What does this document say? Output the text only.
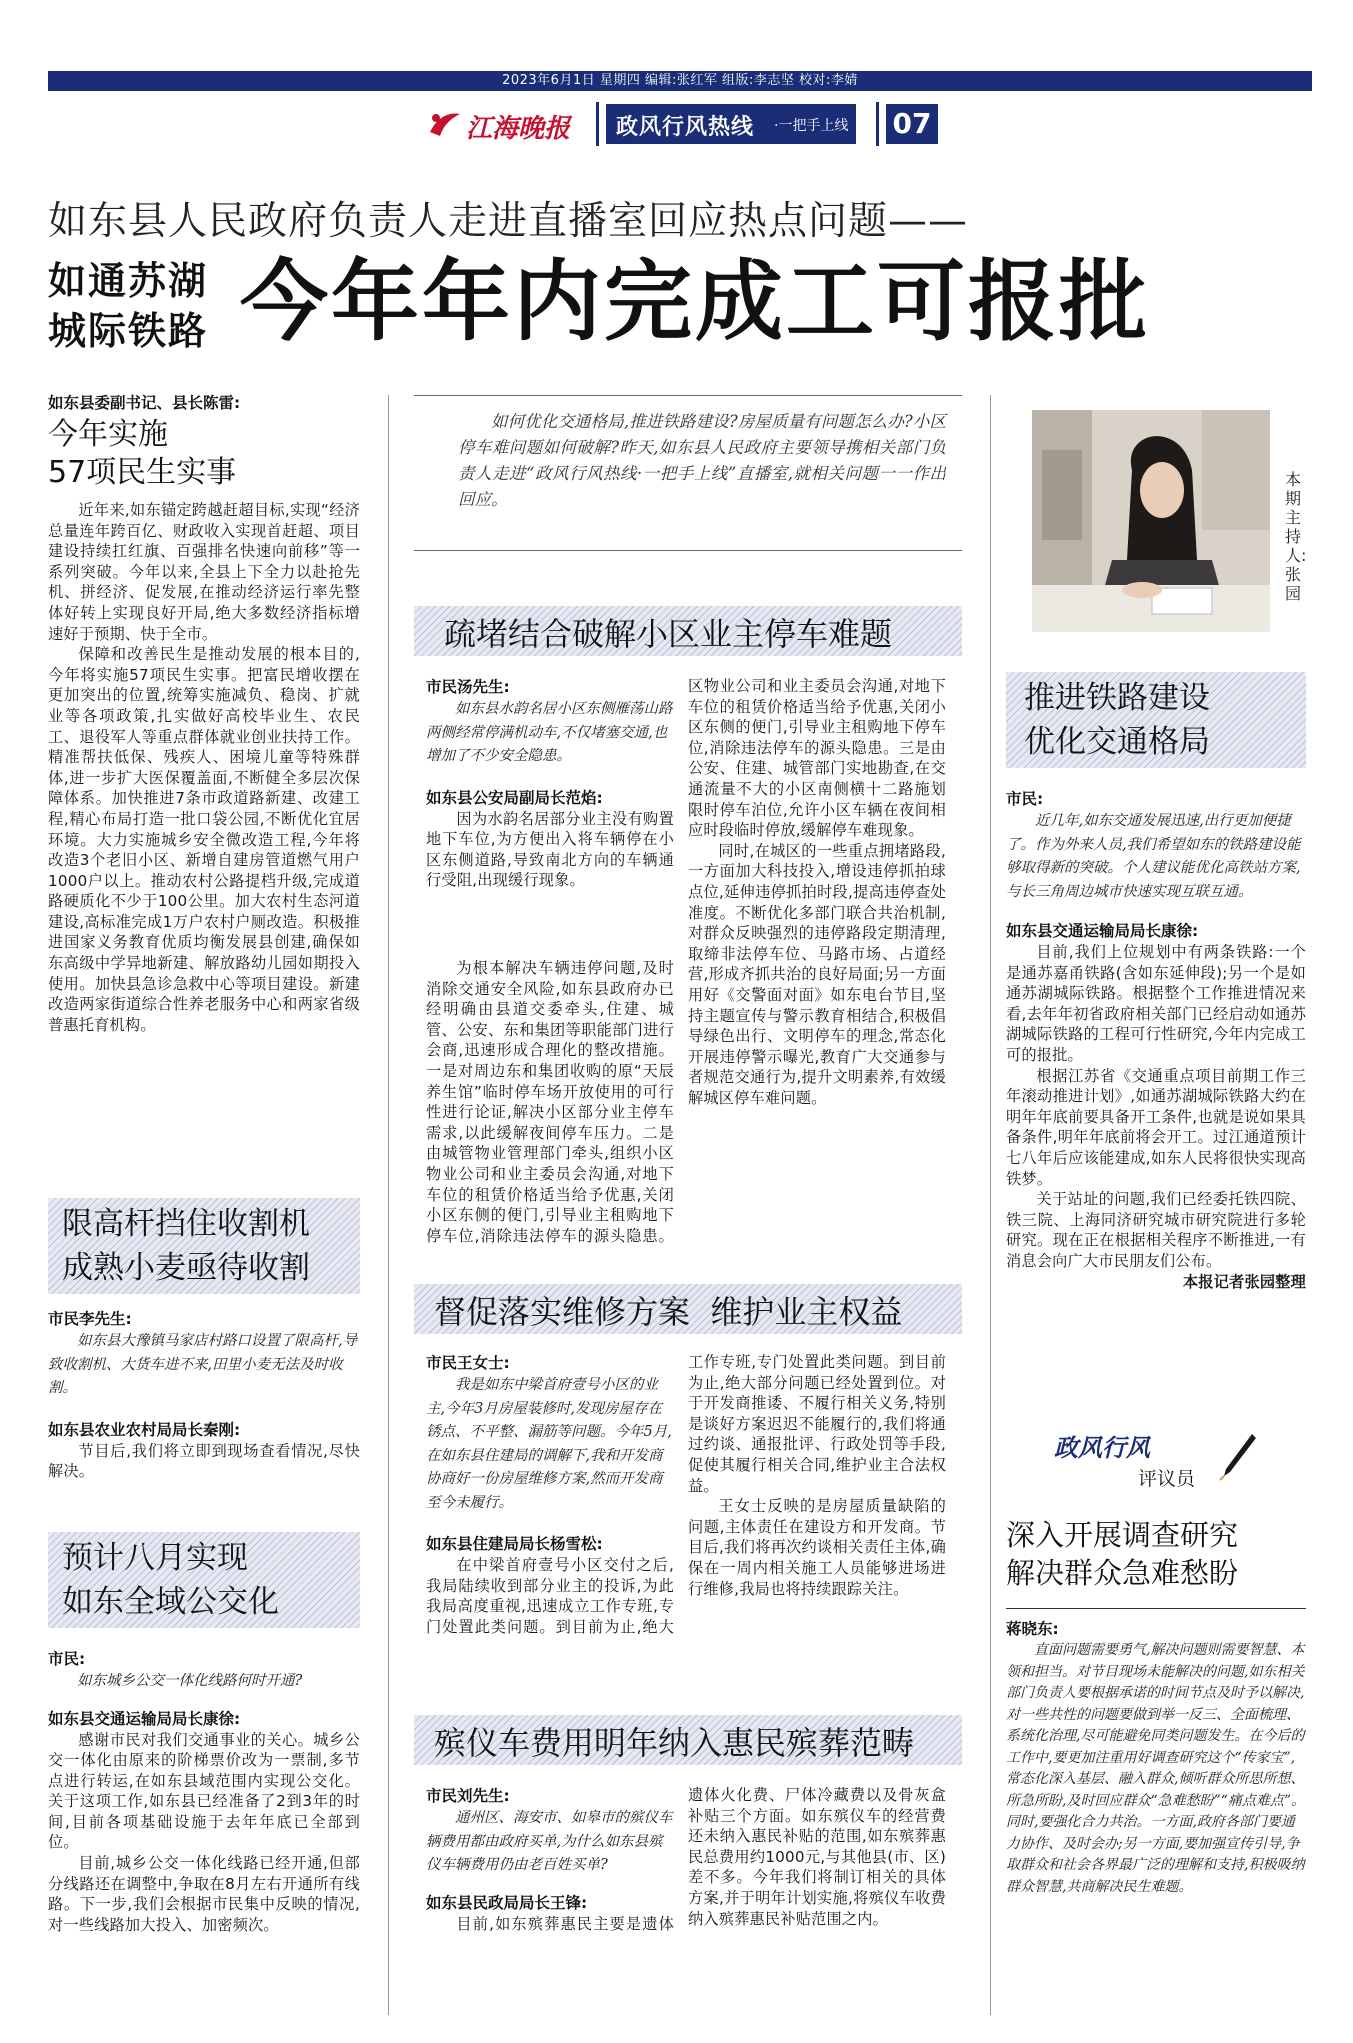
2023年6月1日 星期四 编辑:张红军 组版:李志坚 校对:李婧
江海晚报 政风行风热线 ·一把手上线 07
如东县人民政府负责人走进直播室回应热点问题——
如通苏湖
城际铁路 今年年内完成工可报批
如东县委副书记、县长陈雷:
今年实施
57项民生实事

近年来,如东锚定跨越赶超目标,实现“经济总量连年跨百亿、财政收入实现首赶超、项目建设持续扛红旗、百强排名快速向前移”等一系列突破。今年以来,全县上下全力以赴抢先机、拼经济、促发展,在推动经济运行率先整体好转上实现良好开局,绝大多数经济指标增速好于预期、快于全市。

保障和改善民生是推动发展的根本目的,今年将实施57项民生实事。把富民增收摆在更加突出的位置,统筹实施减负、稳岗、扩就业等各项政策,扎实做好高校毕业生、农民工、退役军人等重点群体就业创业扶持工作。精准帮扶低保、残疾人、困境儿童等特殊群体,进一步扩大医保覆盖面,不断健全多层次保障体系。加快推进7条市政道路新建、改建工程,精心布局打造一批口袋公园,不断优化宜居环境。大力实施城乡安全微改造工程,今年将改造3个老旧小区、新增自建房管道燃气用户1000户以上。推动农村公路提档升级,完成道路硬质化不少于100公里。加大农村生态河道建设,高标准完成1万户农村户厕改造。积极推进国家义务教育优质均衡发展县创建,确保如东高级中学异地新建、解放路幼儿园如期投入使用。加快县急诊急救中心等项目建设。新建改造两家街道综合性养老服务中心和两家省级普惠托育机构。

限高杆挡住收割机
成熟小麦亟待收割
市民李先生:

如东县大豫镇马家店村路口设置了限高杆,导致收割机、大货车进不来,田里小麦无法及时收割。

如东县农业农村局局长秦刚:

节目后,我们将立即到现场查看情况,尽快解决。

预计八月实现
如东全域公交化
市民:

如东城乡公交一体化线路何时开通?

如东县交通运输局局长康徐:

感谢市民对我们交通事业的关心。城乡公交一体化由原来的阶梯票价改为一票制,多节点进行转运,在如东县域范围内实现公交化。关于这项工作,如东县已经准备了2到3年的时间,目前各项基础设施于去年年底已全部到位。

目前,城乡公交一体化线路已经开通,但部分线路还在调整中,争取在8月左右开通所有线路。下一步,我们会根据市民集中反映的情况,对一些线路加大投入、加密频次。

如何优化交通格局,推进铁路建设?房屋质量有问题怎么办?小区停车难问题如何破解?昨天,如东县人民政府主要领导携相关部门负责人走进“政风行风热线·一把手上线”直播室,就相关问题一一作出回应。

本期主持人:张园
疏堵结合破解小区业主停车难题
市民汤先生:

如东县水韵名居小区东侧雁荡山路两侧经常停满机动车,不仅堵塞交通,也增加了不少安全隐患。

如东县公安局副局长范焰:

因为水韵名居部分业主没有购置地下车位,为方便出入将车辆停在小区东侧道路,导致南北方向的车辆通行受阻,出现缓行现象。

为根本解决车辆违停问题,及时消除交通安全风险,如东县政府办已经明确由县道交委牵头,住建、城管、公安、东和集团等职能部门进行会商,迅速形成合理化的整改措施。一是对周边东和集团收购的原“天辰养生馆”临时停车场开放使用的可行性进行论证,解决小区部分业主停车需求,以此缓解夜间停车压力。二是由城管物业管理部门牵头,组织小区物业公司和业主委员会沟通,对地下车位的租赁价格适当给予优惠,关闭小区东侧的便门,引导业主租购地下停车位,消除违法停车的源头隐患。

区物业公司和业主委员会沟通,对地下车位的租赁价格适当给予优惠,关闭小区东侧的便门,引导业主租购地下停车位,消除违法停车的源头隐患。三是由公安、住建、城管部门实地勘查,在交通流量不大的小区南侧横十二路施划限时停车泊位,允许小区车辆在夜间相应时段临时停放,缓解停车难现象。

同时,在城区的一些重点拥堵路段,一方面加大科技投入,增设违停抓拍球点位,延伸违停抓拍时段,提高违停查处准度。不断优化多部门联合共治机制,对群众反映强烈的违停路段定期清理,取缔非法停车位、马路市场、占道经营,形成齐抓共治的良好局面;另一方面用好《交警面对面》如东电台节目,坚持主题宣传与警示教育相结合,积极倡导绿色出行、文明停车的理念,常态化开展违停警示曝光,教育广大交通参与者规范交通行为,提升文明素养,有效缓解城区停车难问题。

督促落实维修方案  维护业主权益
市民王女士:

我是如东中梁首府壹号小区的业主,今年3月房屋装修时,发现房屋存在锈点、不平整、漏筋等问题。今年5月,在如东县住建局的调解下,我和开发商协商好一份房屋维修方案,然而开发商至今未履行。

如东县住建局局长杨雪松:

在中梁首府壹号小区交付之后,我局陆续收到部分业主的投诉,为此我局高度重视,迅速成立工作专班,专门处置此类问题。到目前为止,绝大

工作专班,专门处置此类问题。到目前为止,绝大部分问题已经处置到位。对于开发商推诿、不履行相关义务,特别是谈好方案迟迟不能履行的,我们将通过约谈、通报批评、行政处罚等手段,促使其履行相关合同,维护业主合法权益。

王女士反映的是房屋质量缺陷的问题,主体责任在建设方和开发商。节目后,我们将再次约谈相关责任主体,确保在一周内相关施工人员能够进场进行维修,我局也将持续跟踪关注。

殡仪车费用明年纳入惠民殡葬范畴
市民刘先生:

通州区、海安市、如皋市的殡仪车辆费用都由政府买单,为什么如东县殡仪车辆费用仍由老百姓买单?

如东县民政局局长王锋:

目前,如东殡葬惠民主要是遗体

遗体火化费、尸体冷藏费以及骨灰盒补贴三个方面。如东殡仪车的经营费还未纳入惠民补贴的范围,如东殡葬惠民总费用约1000元,与其他县(市、区)差不多。今年我们将制订相关的具体方案,并于明年计划实施,将殡仪车收费纳入殡葬惠民补贴范围之内。

推进铁路建设
优化交通格局
市民:

近几年,如东交通发展迅速,出行更加便捷了。作为外来人员,我们希望如东的铁路建设能够取得新的突破。个人建议能优化高铁站方案,与长三角周边城市快速实现互联互通。

如东县交通运输局局长康徐:

目前,我们上位规划中有两条铁路:一个是通苏嘉甬铁路(含如东延伸段);另一个是如通苏湖城际铁路。根据整个工作推进情况来看,去年年初省政府相关部门已经启动如通苏湖城际铁路的工程可行性研究,今年内完成工可的报批。

根据江苏省《交通重点项目前期工作三年滚动推进计划》,如通苏湖城际铁路大约在明年年底前要具备开工条件,也就是说如果具备条件,明年年底前将会开工。过江通道预计七八年后应该能建成,如东人民将很快实现高铁梦。

关于站址的问题,我们已经委托铁四院、铁三院、上海同济研究城市研究院进行多轮研究。现在正在根据相关程序不断推进,一有消息会向广大市民朋友们公布。

本报记者张园整理

政风行风
评议员
深入开展调查研究
解决群众急难愁盼
蒋晓东:

直面问题需要勇气,解决问题则需要智慧、本领和担当。对节目现场未能解决的问题,如东相关部门负责人要根据承诺的时间节点及时予以解决,对一些共性的问题要做到举一反三、全面梳理、系统化治理,尽可能避免同类问题发生。在今后的工作中,要更加注重用好调查研究这个“传家宝”,常态化深入基层、融入群众,倾听群众所思所想、所急所盼,及时回应群众“急难愁盼”“痛点难点”。同时,要强化合力共治。一方面,政府各部门要通力协作、及时会办;另一方面,要加强宣传引导,争取群众和社会各界最广泛的理解和支持,积极吸纳群众智慧,共商解决民生难题。
